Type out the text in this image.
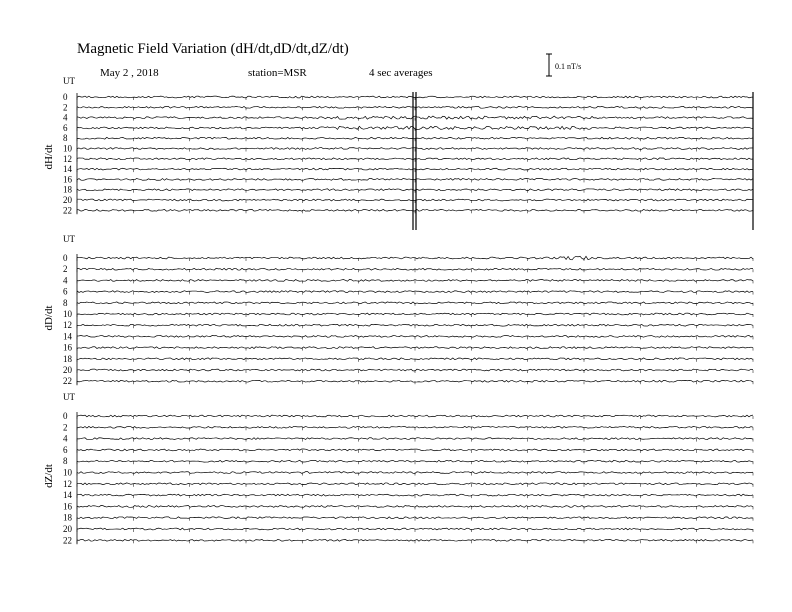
Magnetic Field Variation (dH/dt,dD/dt,dZ/dt)
May 2 , 2018	station=MSR	4 sec averages
0.1 nT/s
UT
dH/dt
0
2
4
6
8
10
12
14
16
18
20
22
UT
dD/dt
0
2
4
6
8
10
12
14
16
18
20
22
UT
dZ/dt
0
2
4
6
8
10
12
14
16
18
20
22
